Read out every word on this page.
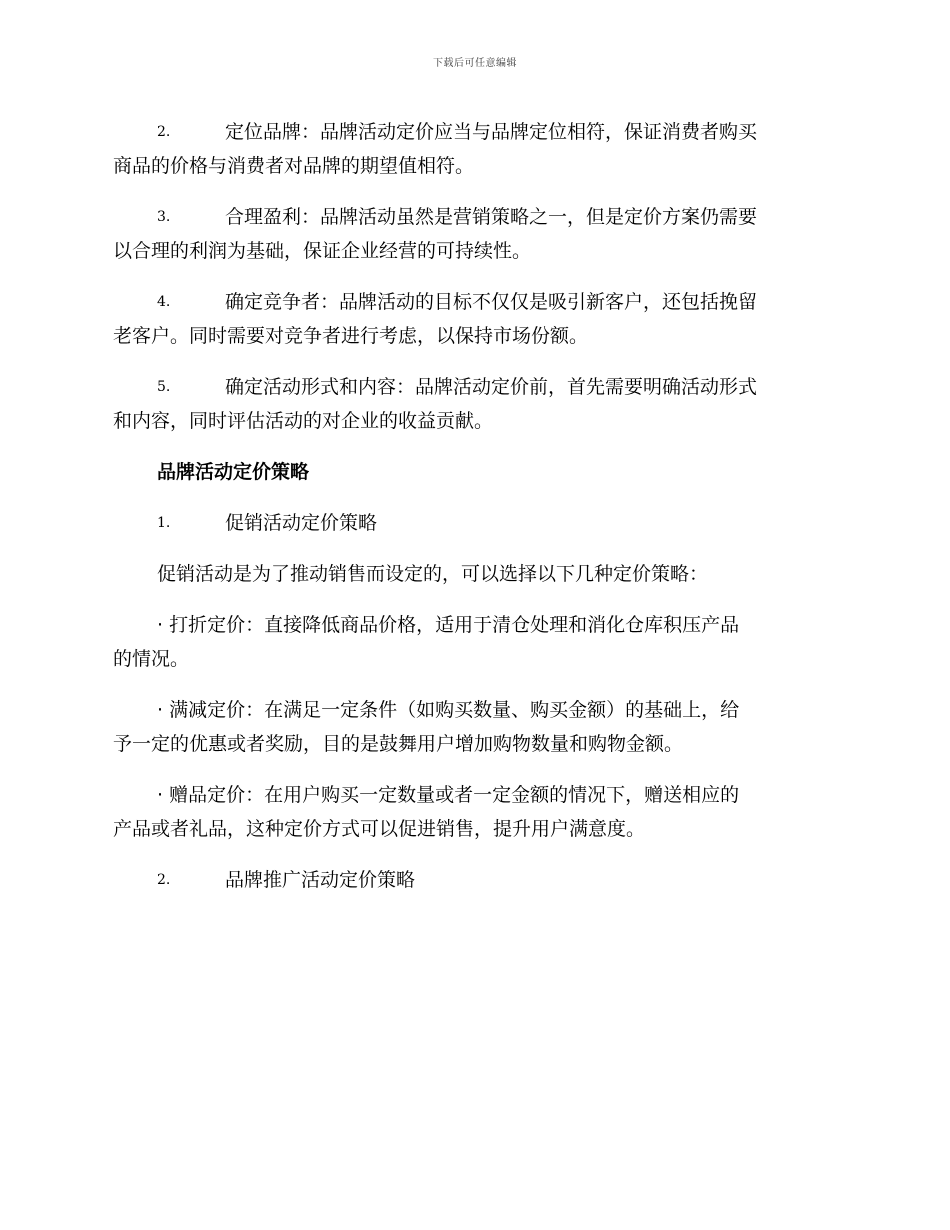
下载后可任意编辑
2.	定位品牌：品牌活动定价应当与品牌定位相符，保证消费者购买
商品的价格与消费者对品牌的期望值相符。
3.	合理盈利：品牌活动虽然是营销策略之一，但是定价方案仍需要
以合理的利润为基础，保证企业经营的可持续性。
4.	确定竞争者：品牌活动的目标不仅仅是吸引新客户，还包括挽留
老客户。同时需要对竞争者进行考虑，以保持市场份额。
5.	确定活动形式和内容：品牌活动定价前，首先需要明确活动形式
和内容，同时评估活动的对企业的收益贡献。
品牌活动定价策略
1.	促销活动定价策略
促销活动是为了推动销售而设定的，可以选择以下几种定价策略：
· 打折定价：直接降低商品价格，适用于清仓处理和消化仓库积压产品
的情况。
· 满减定价：在满足一定条件（如购买数量、购买金额）的基础上，给
予一定的优惠或者奖励，目的是鼓舞用户增加购物数量和购物金额。
· 赠品定价：在用户购买一定数量或者一定金额的情况下，赠送相应的
产品或者礼品，这种定价方式可以促进销售，提升用户满意度。
2.	品牌推广活动定价策略
